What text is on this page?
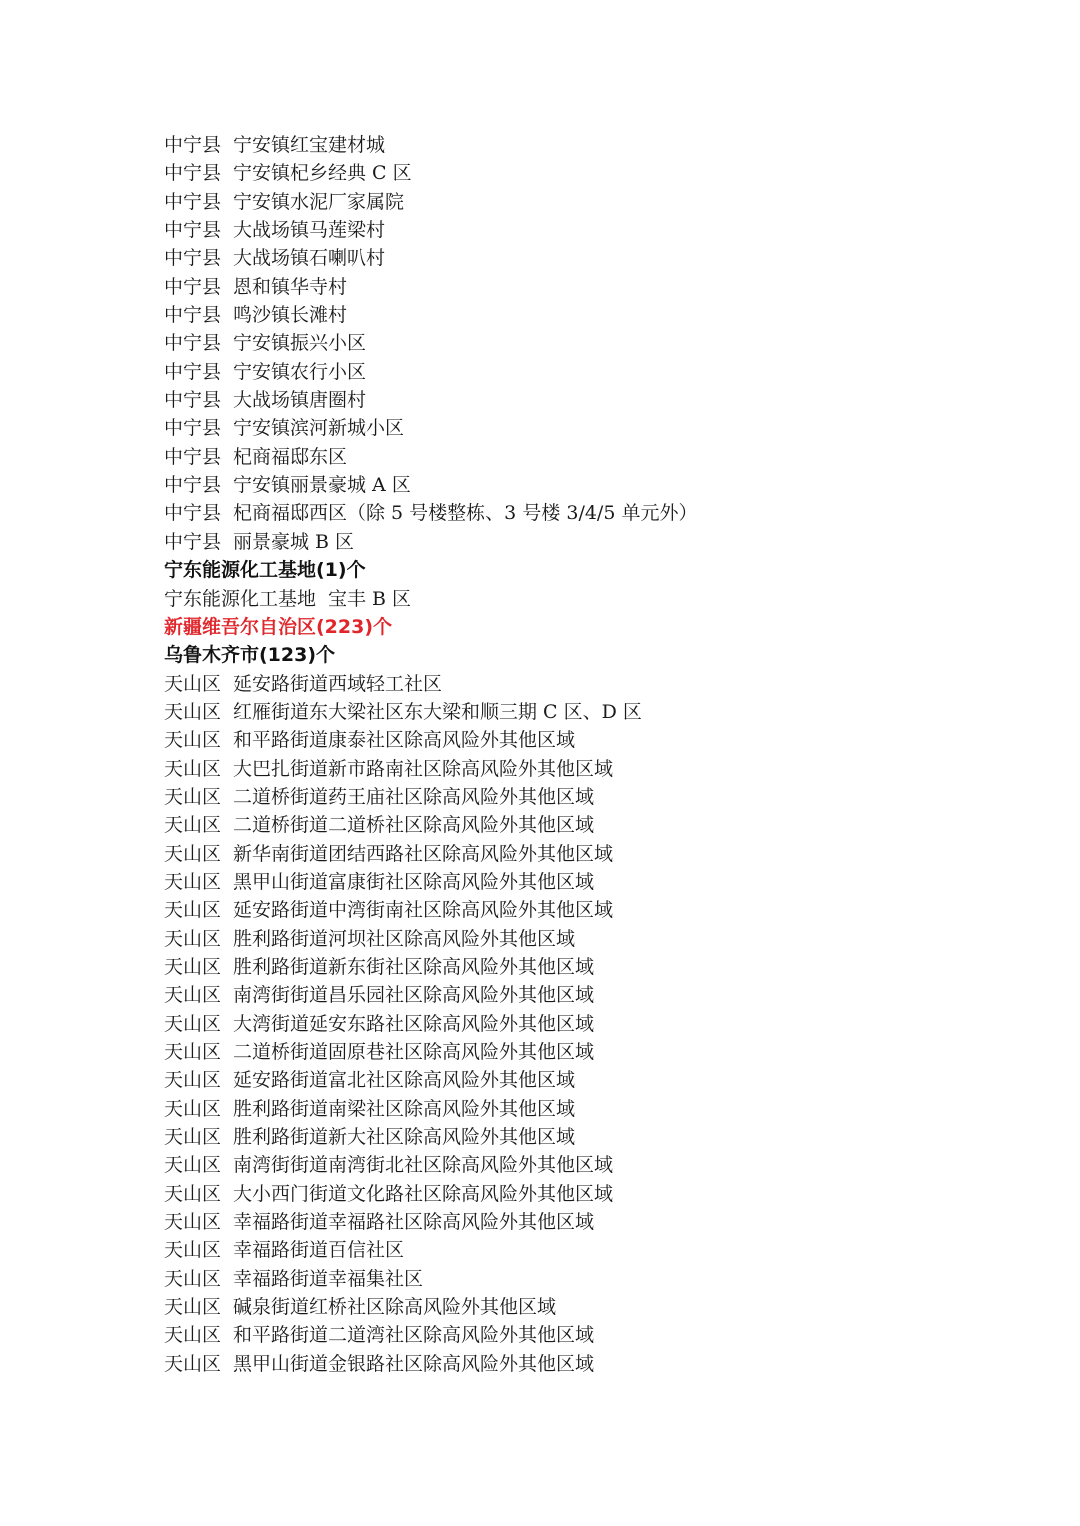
中宁县 宁安镇红宝建材城
中宁县 宁安镇杞乡经典 C 区
中宁县 宁安镇水泥厂家属院
中宁县 大战场镇马莲梁村
中宁县 大战场镇石喇叭村
中宁县 恩和镇华寺村
中宁县 鸣沙镇长滩村
中宁县 宁安镇振兴小区
中宁县 宁安镇农行小区
中宁县 大战场镇唐圈村
中宁县 宁安镇滨河新城小区
中宁县 杞商福邸东区
中宁县 宁安镇丽景豪城 A 区
中宁县 杞商福邸西区（除 5 号楼整栋、3 号楼 3/4/5 单元外）
中宁县 丽景豪城 B 区
宁东能源化工基地(1)个
宁东能源化工基地 宝丰 B 区
新疆维吾尔自治区(223)个
乌鲁木齐市(123)个
天山区 延安路街道西域轻工社区
天山区 红雁街道东大梁社区东大梁和顺三期 C 区、D 区
天山区 和平路街道康泰社区除高风险外其他区域
天山区 大巴扎街道新市路南社区除高风险外其他区域
天山区 二道桥街道药王庙社区除高风险外其他区域
天山区 二道桥街道二道桥社区除高风险外其他区域
天山区 新华南街道团结西路社区除高风险外其他区域
天山区 黑甲山街道富康街社区除高风险外其他区域
天山区 延安路街道中湾街南社区除高风险外其他区域
天山区 胜利路街道河坝社区除高风险外其他区域
天山区 胜利路街道新东街社区除高风险外其他区域
天山区 南湾街街道昌乐园社区除高风险外其他区域
天山区 大湾街道延安东路社区除高风险外其他区域
天山区 二道桥街道固原巷社区除高风险外其他区域
天山区 延安路街道富北社区除高风险外其他区域
天山区 胜利路街道南梁社区除高风险外其他区域
天山区 胜利路街道新大社区除高风险外其他区域
天山区 南湾街街道南湾街北社区除高风险外其他区域
天山区 大小西门街道文化路社区除高风险外其他区域
天山区 幸福路街道幸福路社区除高风险外其他区域
天山区 幸福路街道百信社区
天山区 幸福路街道幸福集社区
天山区 碱泉街道红桥社区除高风险外其他区域
天山区 和平路街道二道湾社区除高风险外其他区域
天山区 黑甲山街道金银路社区除高风险外其他区域
